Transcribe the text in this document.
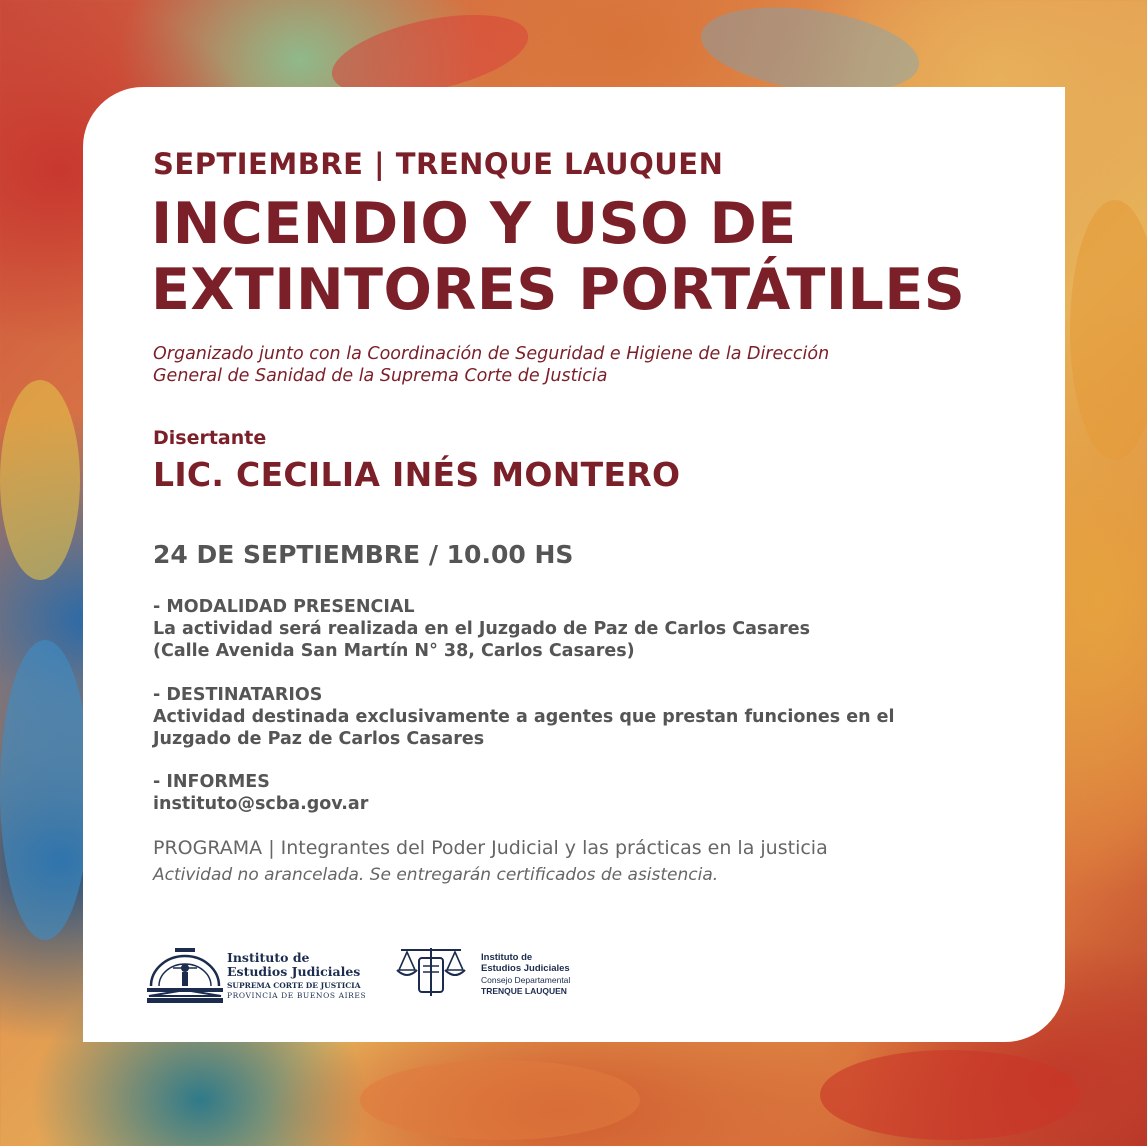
SEPTIEMBRE | TRENQUE LAUQUEN
INCENDIO Y USO DE
EXTINTORES PORTÁTILES
Organizado junto con la Coordinación de Seguridad e Higiene de la Dirección
General de Sanidad de la Suprema Corte de Justicia
Disertante
LIC. CECILIA INÉS MONTERO
24 DE SEPTIEMBRE / 10.00 HS
- MODALIDAD PRESENCIAL
La actividad será realizada en el Juzgado de Paz de Carlos Casares
(Calle Avenida San Martín N° 38, Carlos Casares)
- DESTINATARIOS
Actividad destinada exclusivamente a agentes que prestan funciones en el
Juzgado de Paz de Carlos Casares
- INFORMES
instituto@scba.gov.ar
PROGRAMA | Integrantes del Poder Judicial y las prácticas en la justicia
Actividad no arancelada. Se entregarán certificados de asistencia.
Instituto de
Estudios Judiciales
SUPREMA CORTE DE JUSTICIA
PROVINCIA DE BUENOS AIRES
Instituto de
Estudios Judiciales
Consejo Departamental
TRENQUE LAUQUEN
